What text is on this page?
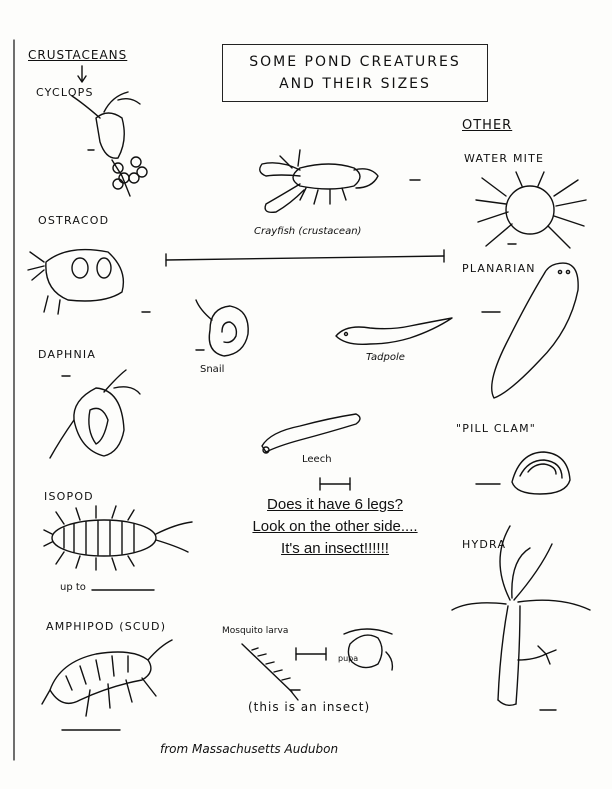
CRUSTACEANS	SOME POND CREATURES
AND THEIR SIZES
OTHER
CYCLOPS
OSTRACOD
DAPHNIA
ISOPOD
up to
AMPHIPOD (SCUD)
Crayfish (crustacean)
Snail
Tadpole
Leech
Does it have 6 legs?
Look on the other side....
It's an insect!!!!!!
Mosquito larva
pupa
(this is an insect)
WATER MITE
PLANARIAN
"PILL CLAM"
HYDRA
from Massachusetts Audubon
